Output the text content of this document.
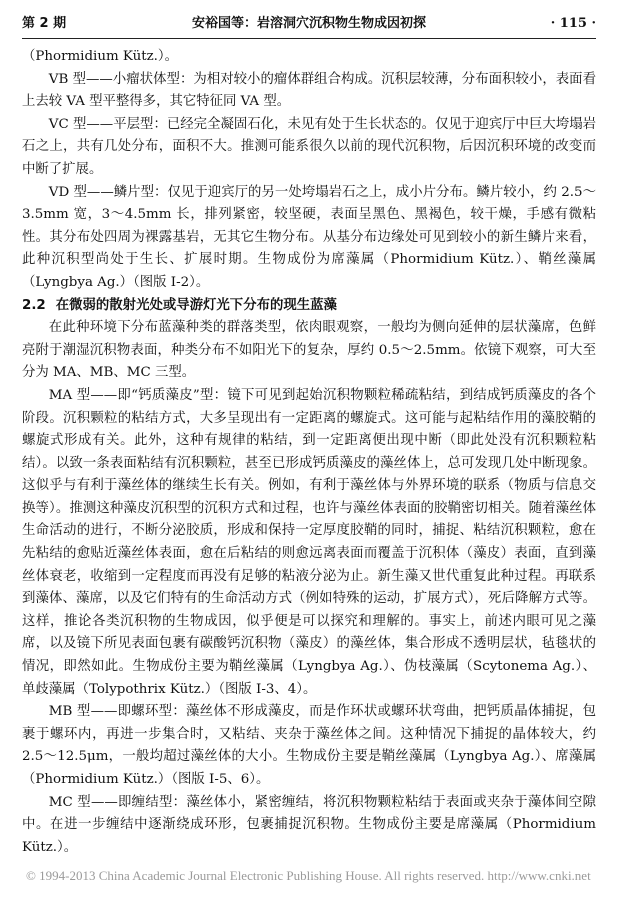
第 2 期	安裕国等：岩溶洞穴沉积物生物成因初探	· 115 ·

（Phormidium Kütz.）。

VB 型——小瘤状体型：为相对较小的瘤体群组合构成。沉积层较薄，分布面积较小，表面看上去较 VA 型平整得多，其它特征同 VA 型。

VC 型——平层型：已经完全凝固石化，未见有处于生长状态的。仅见于迎宾厅中巨大垮塌岩石之上，共有几处分布，面积不大。推测可能系很久以前的现代沉积物，后因沉积环境的改变而中断了扩展。

VD 型——鳞片型：仅见于迎宾厅的另一处垮塌岩石之上，成小片分布。鳞片较小，约 2.5～3.5mm 宽，3～4.5mm 长，排列紧密，较坚硬，表面呈黑色、黑褐色，较干燥，手感有微粘性。其分布处四周为裸露基岩，无其它生物分布。从基分布边缘处可见到较小的新生鳞片来看，此种沉积型尚处于生长、扩展时期。生物成份为席藻属（Phormidium Kütz.）、鞘丝藻属（Lyngbya Ag.）（图版 I-2）。

2.2 在微弱的散射光处或导游灯光下分布的现生蓝藻

在此种环境下分布蓝藻种类的群落类型，依肉眼观察，一般均为侧向延伸的层状藻席，色鲜亮附于潮湿沉积物表面，种类分布不如阳光下的复杂，厚约 0.5～2.5mm。依镜下观察，可大至分为 MA、MB、MC 三型。

MA 型——即“钙质藻皮”型：镜下可见到起始沉积物颗粒稀疏粘结，到结成钙质藻皮的各个阶段。沉积颗粒的粘结方式，大多呈现出有一定距离的螺旋式。这可能与起粘结作用的藻胶鞘的螺旋式形成有关。此外，这种有规律的粘结，到一定距离便出现中断（即此处没有沉积颗粒粘结）。以致一条表面粘结有沉积颗粒，甚至已形成钙质藻皮的藻丝体上，总可发现几处中断现象。这似乎与有利于藻丝体的继续生长有关。例如，有利于藻丝体与外界环境的联系（物质与信息交换等）。推测这种藻皮沉积型的沉积方式和过程，也许与藻丝体表面的胶鞘密切相关。随着藻丝体生命活动的进行，不断分泌胶质，形成和保持一定厚度胶鞘的同时，捕捉、粘结沉积颗粒，愈在先粘结的愈贴近藻丝体表面，愈在后粘结的则愈远离表面而覆盖于沉积体（藻皮）表面，直到藻丝体衰老，收缩到一定程度而再没有足够的粘液分泌为止。新生藻又世代重复此种过程。再联系到藻体、藻席，以及它们特有的生命活动方式（例如特殊的运动，扩展方式），死后降解方式等。这样，推论各类沉积物的生物成因，似乎便是可以探究和理解的。事实上，前述内眼可见之藻席，以及镜下所见表面包裹有碳酸钙沉积物（藻皮）的藻丝体，集合形成不透明层状，毡毯状的情况，即然如此。生物成份主要为鞘丝藻属（Lyngbya Ag.）、伪枝藻属（Scytonema Ag.）、单歧藻属（Tolypothrix Kütz.）（图版 I-3、4）。

MB 型——即螺环型：藻丝体不形成藻皮，而是作环状或螺环状弯曲，把钙质晶体捕捉，包裹于螺环内，再进一步集合时，又粘结、夹杂于藻丝体之间。这种情况下捕捉的晶体较大，约 2.5～12.5μm，一般均超过藻丝体的大小。生物成份主要是鞘丝藻属（Lyngbya Ag.）、席藻属（Phormidium Kütz.）（图版 I-5、6）。

MC 型——即缠结型：藻丝体小，紧密缠结，将沉积物颗粒粘结于表面或夹杂于藻体间空隙中。在进一步缠结中逐渐绕成环形，包裹捕捉沉积物。生物成份主要是席藻属（Phormidium Kütz.）。

© 1994-2013 China Academic Journal Electronic Publishing House. All rights reserved. http://www.cnki.net
